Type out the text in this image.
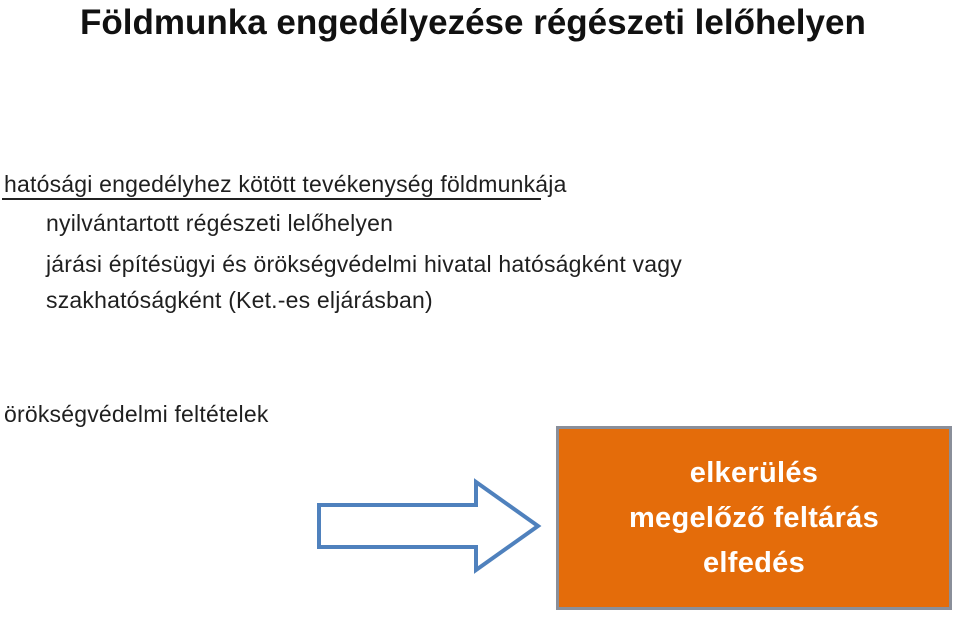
Földmunka engedélyezése régészeti lelőhelyen
hatósági engedélyhez kötött tevékenység földmunkája
nyilvántartott régészeti lelőhelyen
járási építésügyi és örökségvédelmi hivatal hatóságként vagy
szakhatóságként (Ket.-es eljárásban)
örökségvédelmi feltételek
elkerülés
megelőző feltárás
elfedés
